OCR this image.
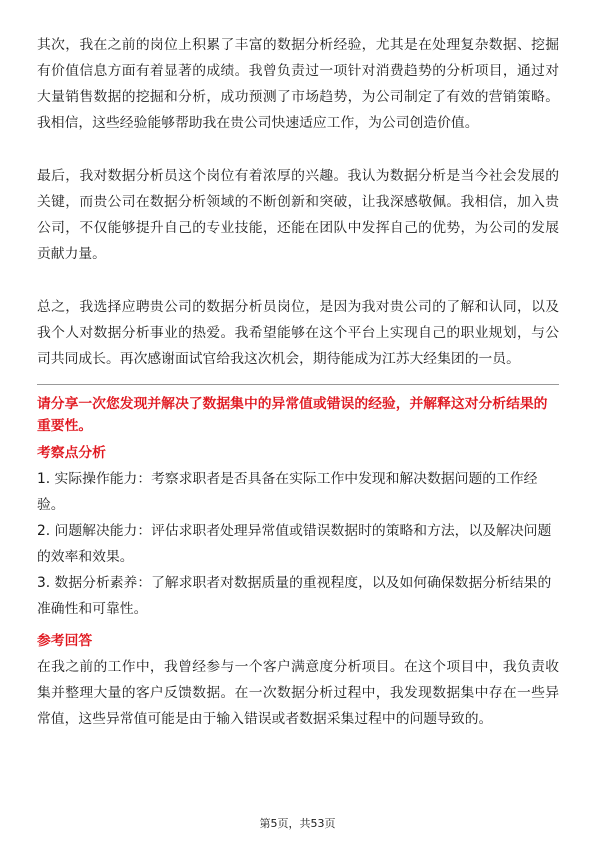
其次，我在之前的岗位上积累了丰富的数据分析经验，尤其是在处理复杂数据、挖掘有价值信息方面有着显著的成绩。我曾负责过一项针对消费趋势的分析项目，通过对大量销售数据的挖掘和分析，成功预测了市场趋势，为公司制定了有效的营销策略。我相信，这些经验能够帮助我在贵公司快速适应工作，为公司创造价值。

最后，我对数据分析员这个岗位有着浓厚的兴趣。我认为数据分析是当今社会发展的关键，而贵公司在数据分析领域的不断创新和突破，让我深感敬佩。我相信，加入贵公司，不仅能够提升自己的专业技能，还能在团队中发挥自己的优势，为公司的发展贡献力量。

总之，我选择应聘贵公司的数据分析员岗位，是因为我对贵公司的了解和认同，以及我个人对数据分析事业的热爱。我希望能够在这个平台上实现自己的职业规划，与公司共同成长。再次感谢面试官给我这次机会，期待能成为江苏大经集团的一员。

请分享一次您发现并解决了数据集中的异常值或错误的经验，并解释这对分析结果的重要性。

考察点分析

1. 实际操作能力：考察求职者是否具备在实际工作中发现和解决数据问题的工作经验。

2. 问题解决能力：评估求职者处理异常值或错误数据时的策略和方法，以及解决问题的效率和效果。

3. 数据分析素养：了解求职者对数据质量的重视程度，以及如何确保数据分析结果的准确性和可靠性。

参考回答

在我之前的工作中，我曾经参与一个客户满意度分析项目。在这个项目中，我负责收集并整理大量的客户反馈数据。在一次数据分析过程中，我发现数据集中存在一些异常值，这些异常值可能是由于输入错误或者数据采集过程中的问题导致的。

第5页，共53页
